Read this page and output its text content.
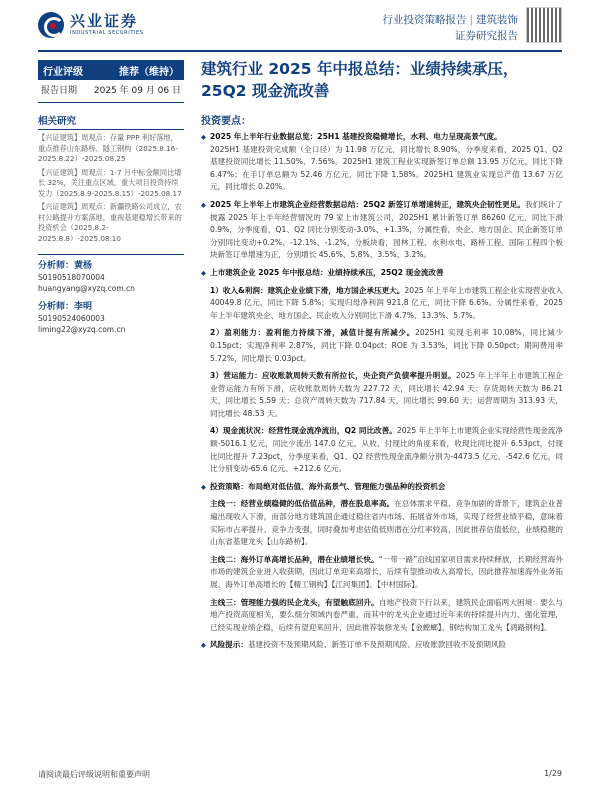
兴业证券
INDUSTRIAL SECURITIES
行业投资策略报告 | 建筑装饰
证券研究报告
行业评级	推荐（维持）
报告日期 2025 年 09 月 06 日
相关研究

【兴证建筑】周观点：存量 PPP 利好落地，重点推荐山东路桥、隧工钢构（2025.8.16-2025.8.22）-2025.08.25

【兴证建筑】周观点：1-7 月中标金额同比增长 32%，关注重点区域、重大项目投资持续发力（2025.8.9-2025.8.15）-2025.08.17

【兴证建筑】周观点：新疆铁路公司成立，农村公路提升方案落地，重视基建稳增长带来的投资机会（2025.8.2-2025.8.8）-2025.08.10

分析师：黄杨
S0190518070004
huangyang@xyzq.com.cn
分析师：李明
S0190524060003
liming22@xyzq.com.cn
建筑行业 2025 年中报总结：业绩持续承压，
25Q2 现金流改善
投资要点：
◆ 2025 年上半年行业数据总览：25H1 基建投资稳健增长，水利、电力呈现高景气度。
2025H1 基建投资完成额（全口径）为 11.98 万亿元，同比增长 8.90%，分季度来看，2025 Q1、Q2 基建投资同比增长 11.50%、7.56%。2025H1 建筑工程业实现新签订单总额 13.95 万亿元，同比下降 6.47%；在手订单总额为 52.46 万亿元，同比下降 1.58%。2025H1 建筑业实现总产值 13.67 万亿元，同比增长 0.20%。
◆ 2025 年上半年上市建筑企业经营数据总结：25Q2 新签订单增速转正，建筑央企韧性更足。我们统计了披露 2025 年上半年经营情况的 79 家上市建筑公司，2025H1 累计新签订单 86260 亿元，同比下滑 0.9%，分季度看，Q1、Q2 同比分别变动-3.0%、+1.3%，分属性看，央企、地方国企、民企新签订单分别同比变动+0.2%、-12.1%、-1.2%，分板块看，园林工程、水利水电、路桥工程、国际工程四个板块新签订单增速为正，分别增长 45.6%、5.8%、3.5%、3.2%。
◆ 上市建筑企业 2025 年中报总结：业绩持续承压，25Q2 现金流改善
1）收入&利润：建筑企业业绩下滑，地方国企承压更大。2025 年上半年上市建筑工程企业实现营业收入 40049.8 亿元，同比下降 5.8%；实现归母净利润 921.8 亿元，同比下降 6.6%。分属性来看，2025 年上半年建筑央企、地方国企、民企收入分别同比下滑 4.7%、13.3%、5.7%。
2）盈利能力：盈利能力持续下滑，减值计提有所减少。2025H1 实现毛利率 10.08%，同比减少 0.15pct；实现净利率 2.87%，同比下降 0.04pct；ROE 为 3.53%，同比下降 0.50pct；期间费用率 5.72%，同比增长 0.03pct。
3）营运能力：应收账款周转天数有所拉长，央企资产负债率提升明显。2025 年上半年上市建筑工程企业营运能力有所下滑，应收账款周转天数为 227.72 天，同比增长 42.94 天；存货周转天数为 86.21 天，同比增长 5.59 天；总资产周转天数为 717.84 天，同比增长 99.60 天；运营周期为 313.93 天，同比增长 48.53 天。
4）现金流状况：经营性现金流净流出，Q2 同比改善。2025 年上半年上市建筑企业实现经营性现金流净额-5016.1 亿元，同比少流出 147.0 亿元，从收、付现比的角度来看，收现比同比提升 6.53pct，付现比同比提升 7.23pct，分季度来看，Q1、Q2 经营性现金流净额分别为-4473.5 亿元、-542.6 亿元，同比分别变动-65.6 亿元、+212.6 亿元。
◆ 投资策略：布局绝对低估值、海外高景气、管理能力强品种的投资机会
主线一：经营业绩稳健的低估值品种，潜在股息率高。在总体需求平稳、竞争加剧的背景下，建筑企业普遍出现收入下滑，而部分地方建筑国企通过稳住省内市场、拓展省外市场，实现了经营业绩平稳，意味着实际市占率提升、竞争力变强，同时叠加考虑估值低则潜在分红率较高，因此推荐估值低位、业绩稳健的山东省基建龙头【山东路桥】。
主线二：海外订单高增长品种，潜在业绩增长快。“一带一路”沿线国家项目需求持续释放，长期经营海外市场的建筑企业进入收获期，因此订单迎来高增长，后续有望推动收入高增长，因此推荐加速海外业务拓展、海外订单高增长的【精工钢构】【江河集团】、【中材国际】。
主线三：管理能力强的民企龙头，有望触底回升。自地产投资下行以来，建筑民企面临两大困境：要么与地产投资高度相关，要么细分领域内卷严重，而其中的龙头企业通过近年来的持续提升内力、强化管理，已经实现业绩企稳，后续有望迎来回升，因此推荐装修龙头【金螳螂】、钢结构加工龙头【鸿路钢构】。
◆ 风险提示：基建投资不及预期风险、新签订单不及预期风险、应收账款回收不及预期风险
请阅读最后评级说明和重要声明	1/29
